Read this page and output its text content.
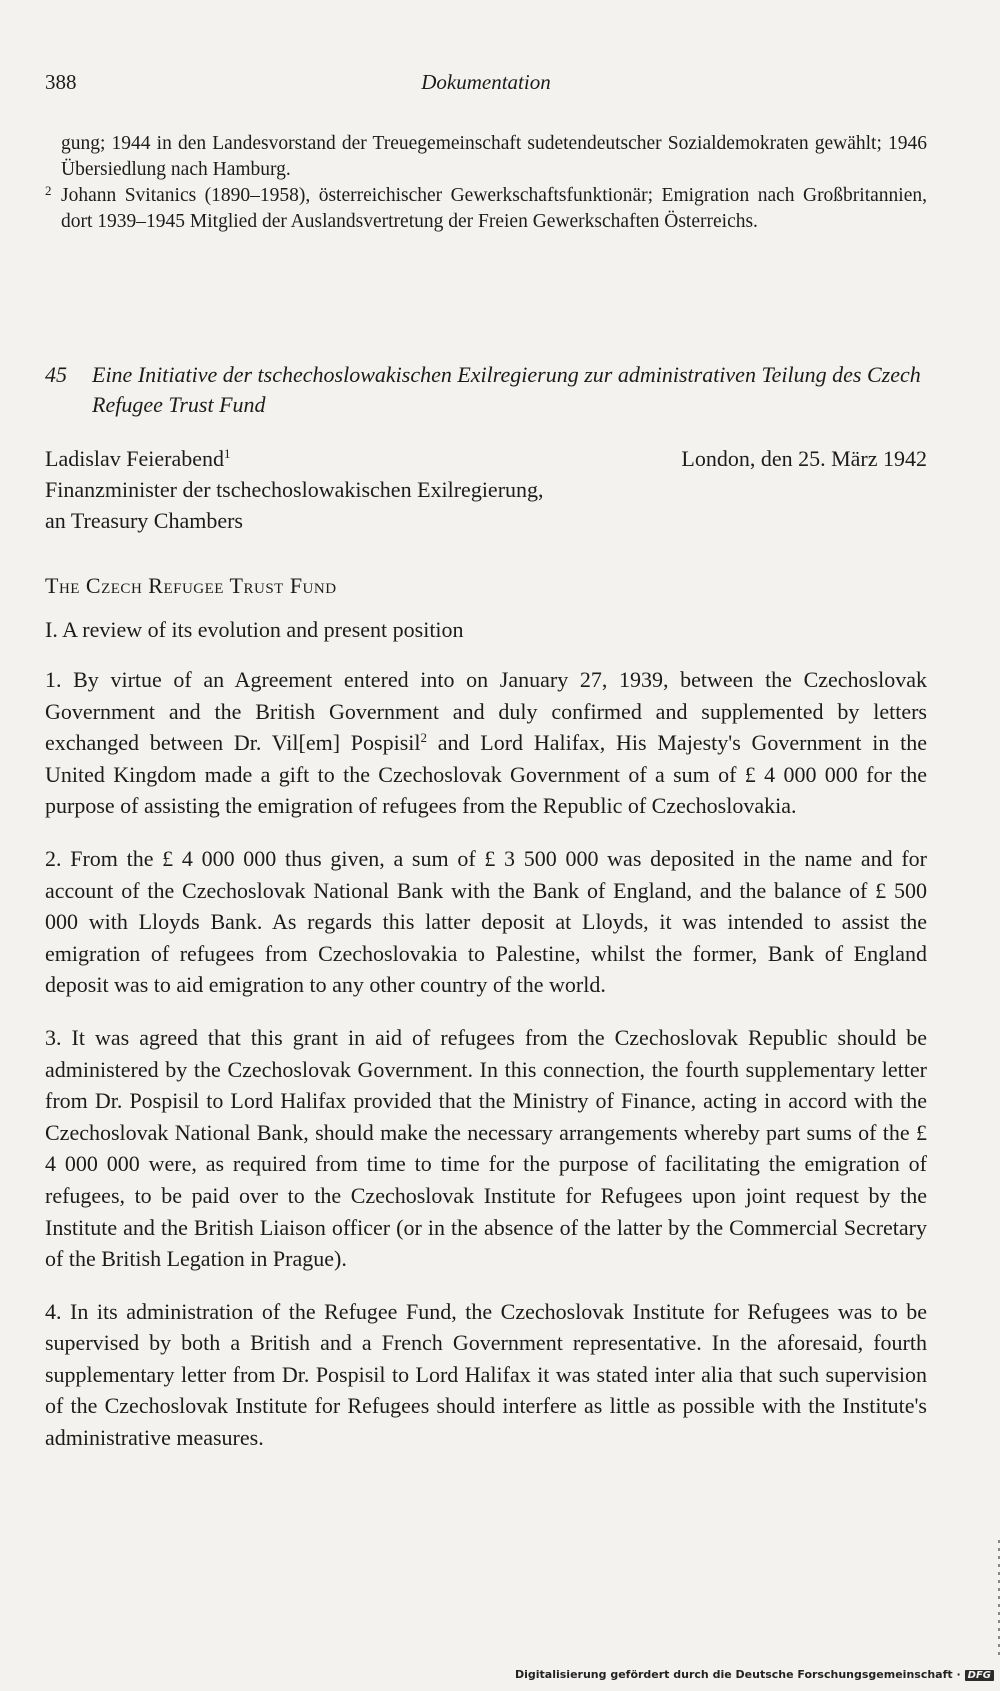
388	Dokumentation
gung; 1944 in den Landesvorstand der Treuegemeinschaft sudetendeutscher Sozialdemokraten gewählt; 1946 Übersiedlung nach Hamburg.
2 Johann Svitanics (1890–1958), österreichischer Gewerkschaftsfunktionär; Emigration nach Großbritannien, dort 1939–1945 Mitglied der Auslandsvertretung der Freien Gewerkschaften Österreichs.
45	Eine Initiative der tschechoslowakischen Exilregierung zur administrativen Teilung des Czech Refugee Trust Fund
Ladislav Feierabend$^1$
Finanzminister der tschechoslowakischen Exilregierung,
an Treasury Chambers
London, den 25. März 1942
The Czech Refugee Trust Fund
I. A review of its evolution and present position

1. By virtue of an Agreement entered into on January 27, 1939, between the Czechoslovak Government and the British Government and duly confirmed and supplemented by letters exchanged between Dr. Vil[em] Pospisil$^2$ and Lord Halifax, His Majesty's Government in the United Kingdom made a gift to the Czechoslovak Government of a sum of £ 4 000 000 for the purpose of assisting the emigration of refugees from the Republic of Czechoslovakia.

2. From the £ 4 000 000 thus given, a sum of £ 3 500 000 was deposited in the name and for account of the Czechoslovak National Bank with the Bank of England, and the balance of £ 500 000 with Lloyds Bank. As regards this latter deposit at Lloyds, it was intended to assist the emigration of refugees from Czechoslovakia to Palestine, whilst the former, Bank of England deposit was to aid emigration to any other country of the world.

3. It was agreed that this grant in aid of refugees from the Czechoslovak Republic should be administered by the Czechoslovak Government. In this connection, the fourth supplementary letter from Dr. Pospisil to Lord Halifax provided that the Ministry of Finance, acting in accord with the Czechoslovak National Bank, should make the necessary arrangements whereby part sums of the £ 4 000 000 were, as required from time to time for the purpose of facilitating the emigration of refugees, to be paid over to the Czechoslovak Institute for Refugees upon joint request by the Institute and the British Liaison officer (or in the absence of the latter by the Commercial Secretary of the British Legation in Prague).

4. In its administration of the Refugee Fund, the Czechoslovak Institute for Refugees was to be supervised by both a British and a French Government representative. In the aforesaid, fourth supplementary letter from Dr. Pospisil to Lord Halifax it was stated inter alia that such supervision of the Czechoslovak Institute for Refugees should interfere as little as possible with the Institute's administrative measures.

Digitalisierung gefördert durch die Deutsche Forschungsgemeinschaft · DFG
